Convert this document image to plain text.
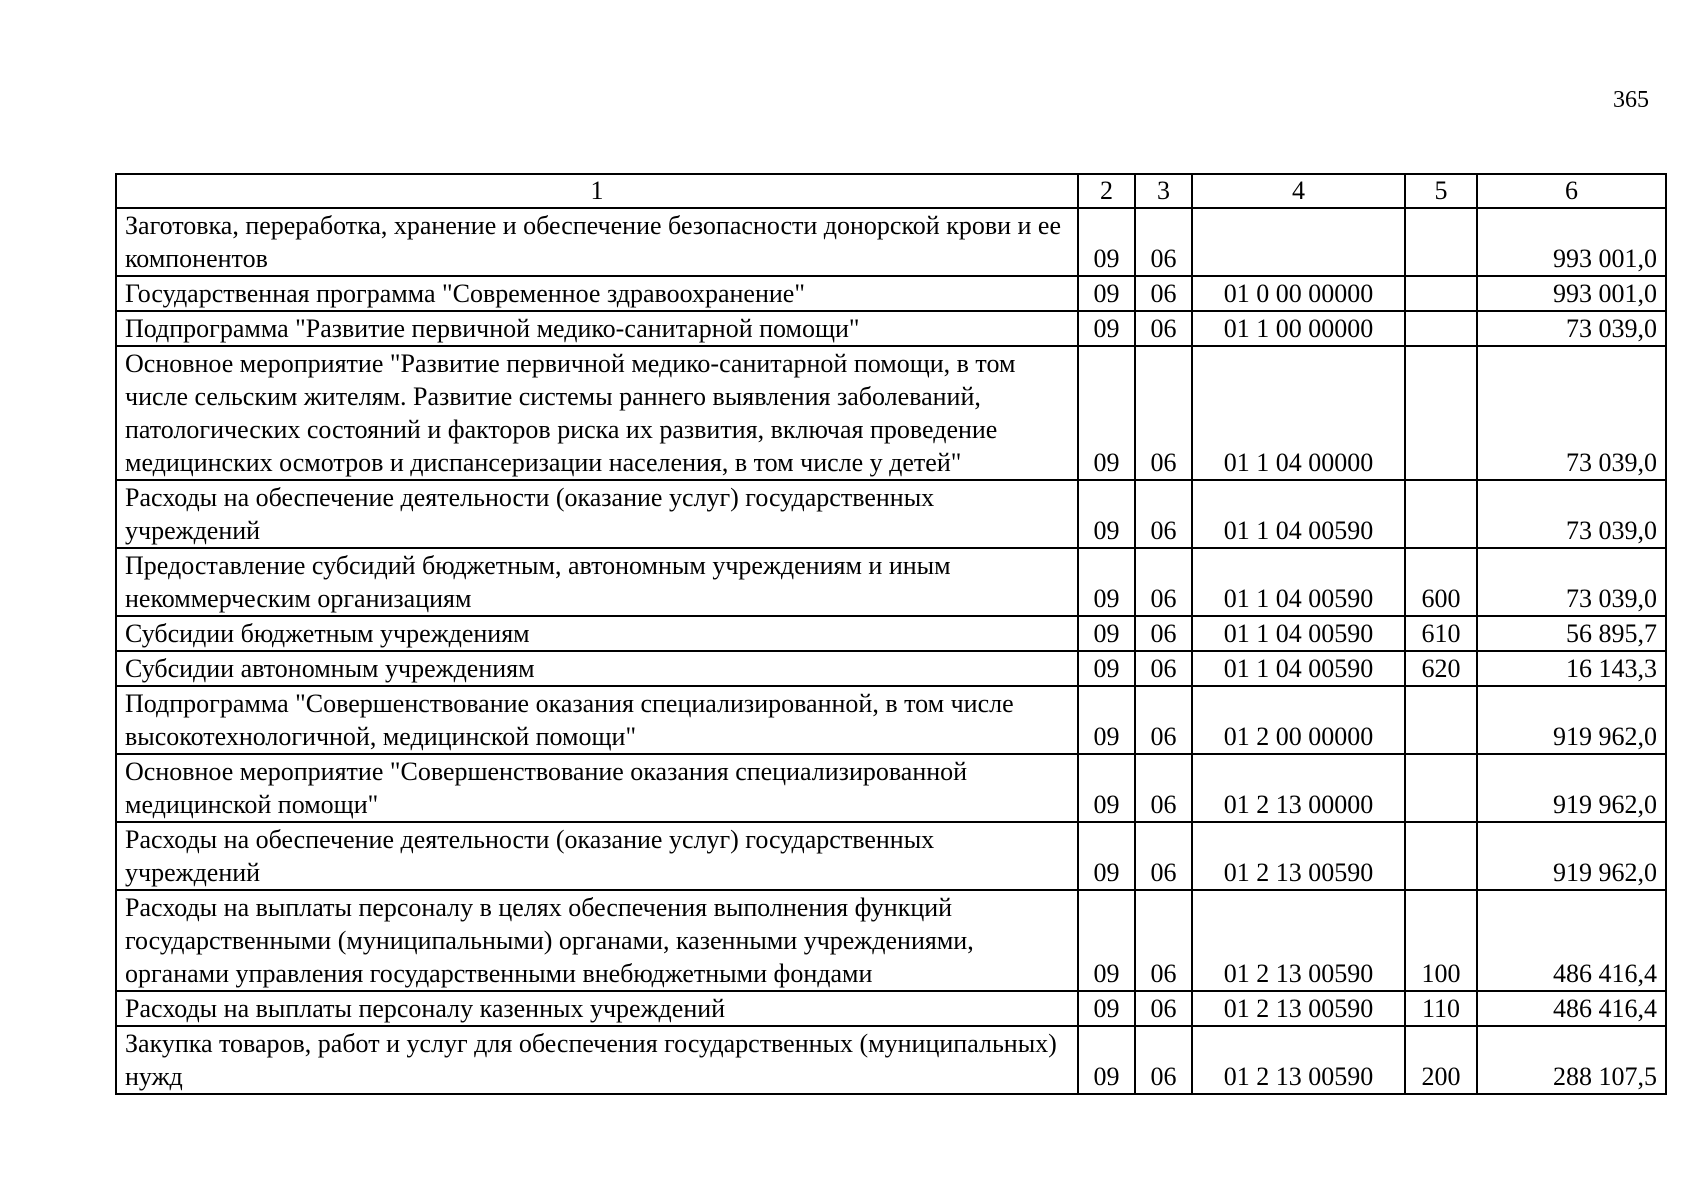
365
1	2	3	4	5	6
Заготовка, переработка, хранение и обеспечение безопасности донорской крови и ее компонентов	09	06			993 001,0
Государственная программа "Современное здравоохранение"	09	06	01 0 00 00000		993 001,0
Подпрограмма "Развитие первичной медико-санитарной помощи"	09	06	01 1 00 00000		73 039,0
Основное мероприятие "Развитие первичной медико-санитарной помощи, в том числе сельским жителям. Развитие системы раннего выявления заболеваний, патологических состояний и факторов риска их развития, включая проведение медицинских осмотров и диспансеризации населения, в том числе у детей"	09	06	01 1 04 00000		73 039,0
Расходы на обеспечение деятельности (оказание услуг) государственных учреждений	09	06	01 1 04 00590		73 039,0
Предоставление субсидий бюджетным, автономным учреждениям и иным некоммерческим организациям	09	06	01 1 04 00590	600	73 039,0
Субсидии бюджетным учреждениям	09	06	01 1 04 00590	610	56 895,7
Субсидии автономным учреждениям	09	06	01 1 04 00590	620	16 143,3
Подпрограмма "Совершенствование оказания специализированной, в том числе высокотехнологичной, медицинской помощи"	09	06	01 2 00 00000		919 962,0
Основное мероприятие "Совершенствование оказания специализированной медицинской помощи"	09	06	01 2 13 00000		919 962,0
Расходы на обеспечение деятельности (оказание услуг) государственных учреждений	09	06	01 2 13 00590		919 962,0
Расходы на выплаты персоналу в целях обеспечения выполнения функций государственными (муниципальными) органами, казенными учреждениями, органами управления государственными внебюджетными фондами	09	06	01 2 13 00590	100	486 416,4
Расходы на выплаты персоналу казенных учреждений	09	06	01 2 13 00590	110	486 416,4
Закупка товаров, работ и услуг для обеспечения государственных (муниципальных) нужд	09	06	01 2 13 00590	200	288 107,5
